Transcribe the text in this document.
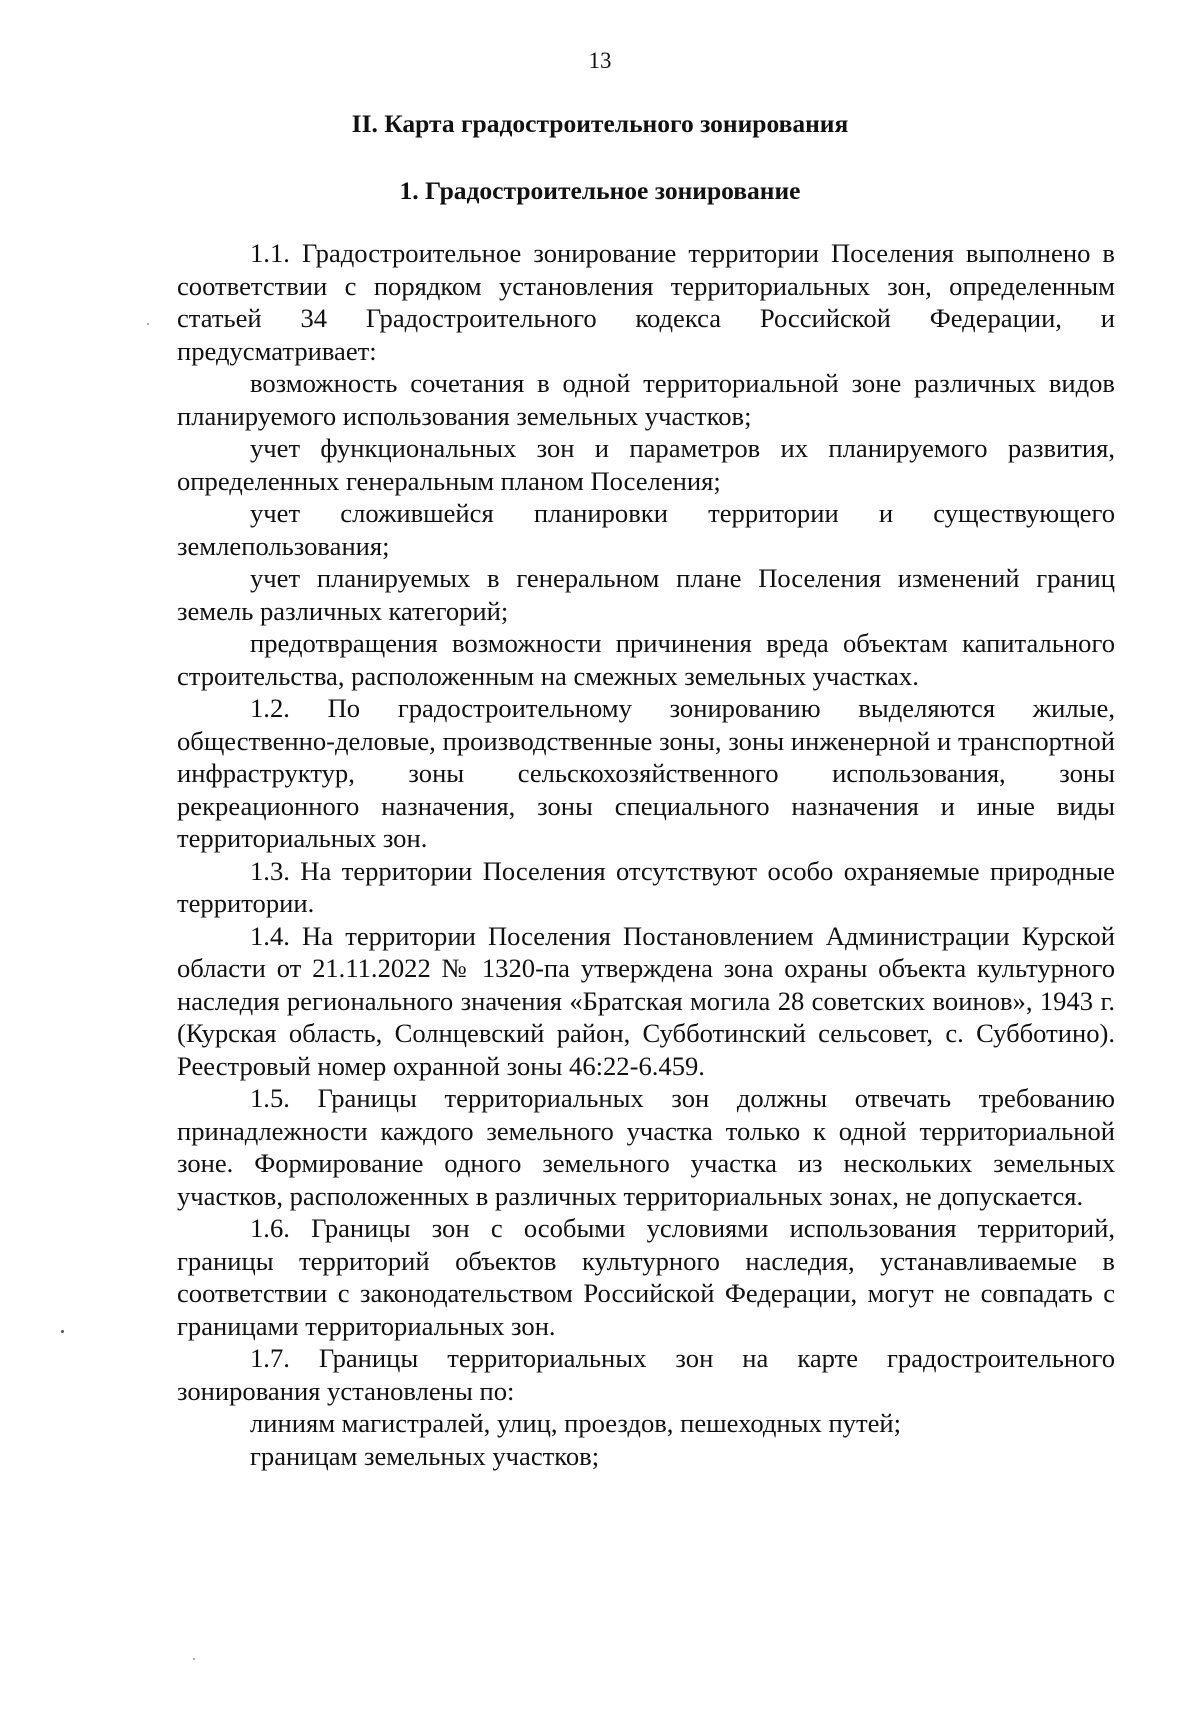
13
II. Карта градостроительного зонирования
1. Градостроительное зонирование

1.1. Градостроительное зонирование территории Поселения выполнено в соответствии с порядком установления территориальных зон, определенным статьей 34 Градостроительного кодекса Российской Федерации, и предусматривает:

возможность сочетания в одной территориальной зоне различных видов планируемого использования земельных участков;

учет функциональных зон и параметров их планируемого развития, определенных генеральным планом Поселения;

учет сложившейся планировки территории и существующего землепользования;

учет планируемых в генеральном плане Поселения изменений границ земель различных категорий;

предотвращения возможности причинения вреда объектам капитального строительства, расположенным на смежных земельных участках.

1.2. По градостроительному зонированию выделяются жилые, общественно-деловые, производственные зоны, зоны инженерной и транспортной инфраструктур, зоны сельскохозяйственного использования, зоны рекреационного назначения, зоны специального назначения и иные виды территориальных зон.

1.3. На территории Поселения отсутствуют особо охраняемые природные территории.

1.4. На территории Поселения Постановлением Администрации Курской области от 21.11.2022 № 1320-па утверждена зона охраны объекта культурного наследия регионального значения «Братская могила 28 советских воинов», 1943 г. (Курская область, Солнцевский район, Субботинский сельсовет, с. Субботино). Реестровый номер охранной зоны 46:22-6.459.

1.5. Границы территориальных зон должны отвечать требованию принадлежности каждого земельного участка только к одной территориальной зоне. Формирование одного земельного участка из нескольких земельных участков, расположенных в различных территориальных зонах, не допускается.

1.6. Границы зон с особыми условиями использования территорий, границы территорий объектов культурного наследия, устанавливаемые в соответствии с законодательством Российской Федерации, могут не совпадать с границами территориальных зон.

1.7. Границы территориальных зон на карте градостроительного зонирования установлены по:

линиям магистралей, улиц, проездов, пешеходных путей;

границам земельных участков;
